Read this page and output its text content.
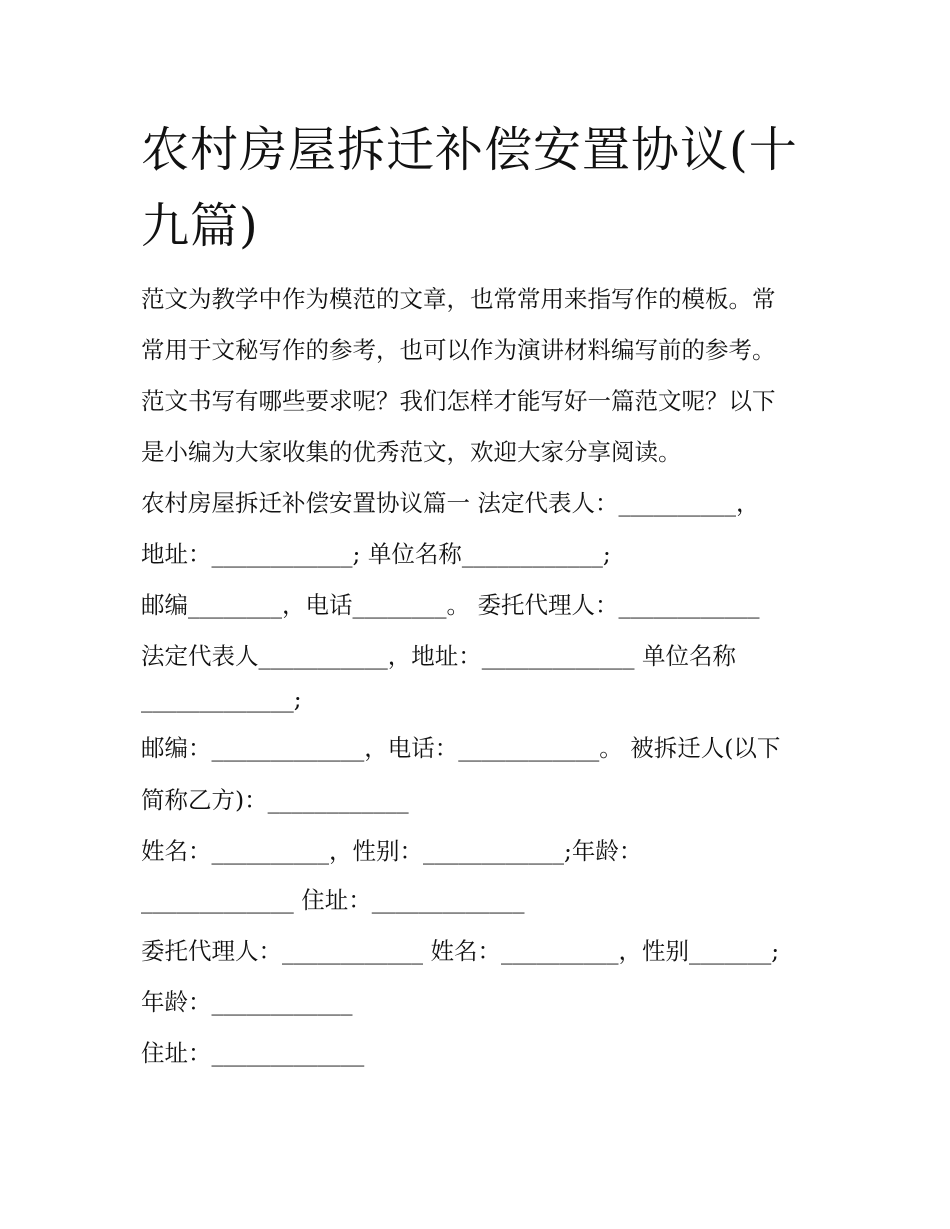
农村房屋拆迁补偿安置协议(十
九篇)

范文为教学中作为模范的文章，也常常用来指写作的模板。常

常用于文秘写作的参考，也可以作为演讲材料编写前的参考。

范文书写有哪些要求呢？我们怎样才能写好一篇范文呢？以下

是小编为大家收集的优秀范文，欢迎大家分享阅读。

农村房屋拆迁补偿安置协议篇一 法定代表人：__________，

地址：____________; 单位名称____________;

邮编________，电话________。 委托代理人：____________

法定代表人___________，地址：_____________ 单位名称

_____________;

邮编：_____________，电话：____________。 被拆迁人(以下

简称乙方)：____________

姓名：__________，性别：____________;年龄：

_____________ 住址：_____________

委托代理人：____________ 姓名：__________，性别_______;

年龄：____________

住址：_____________
